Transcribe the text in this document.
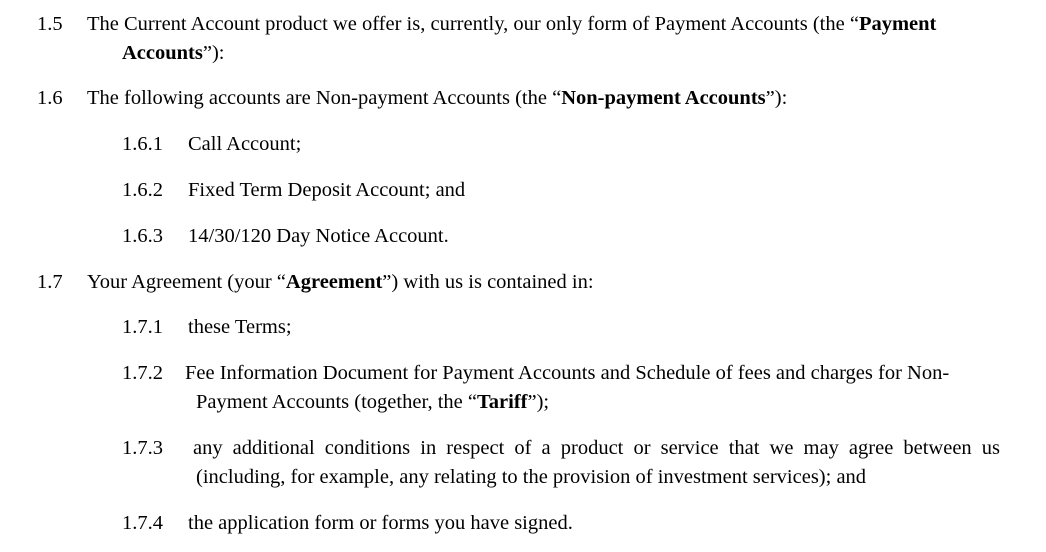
1.5 The Current Account product we offer is, currently, our only form of Payment Accounts (the “Payment
Accounts”):
1.6 The following accounts are Non-payment Accounts (the “Non-payment Accounts”):
1.6.1 Call Account;
1.6.2 Fixed Term Deposit Account; and
1.6.3 14/30/120 Day Notice Account.
1.7 Your Agreement (your “Agreement”) with us is contained in:
1.7.1 these Terms;
1.7.2 Fee Information Document for Payment Accounts and Schedule of fees and charges for Non-
Payment Accounts (together, the “Tariff”);
1.7.3 any additional conditions in respect of a product or service that we may agree between us
(including, for example, any relating to the provision of investment services); and
1.7.4 the application form or forms you have signed.
